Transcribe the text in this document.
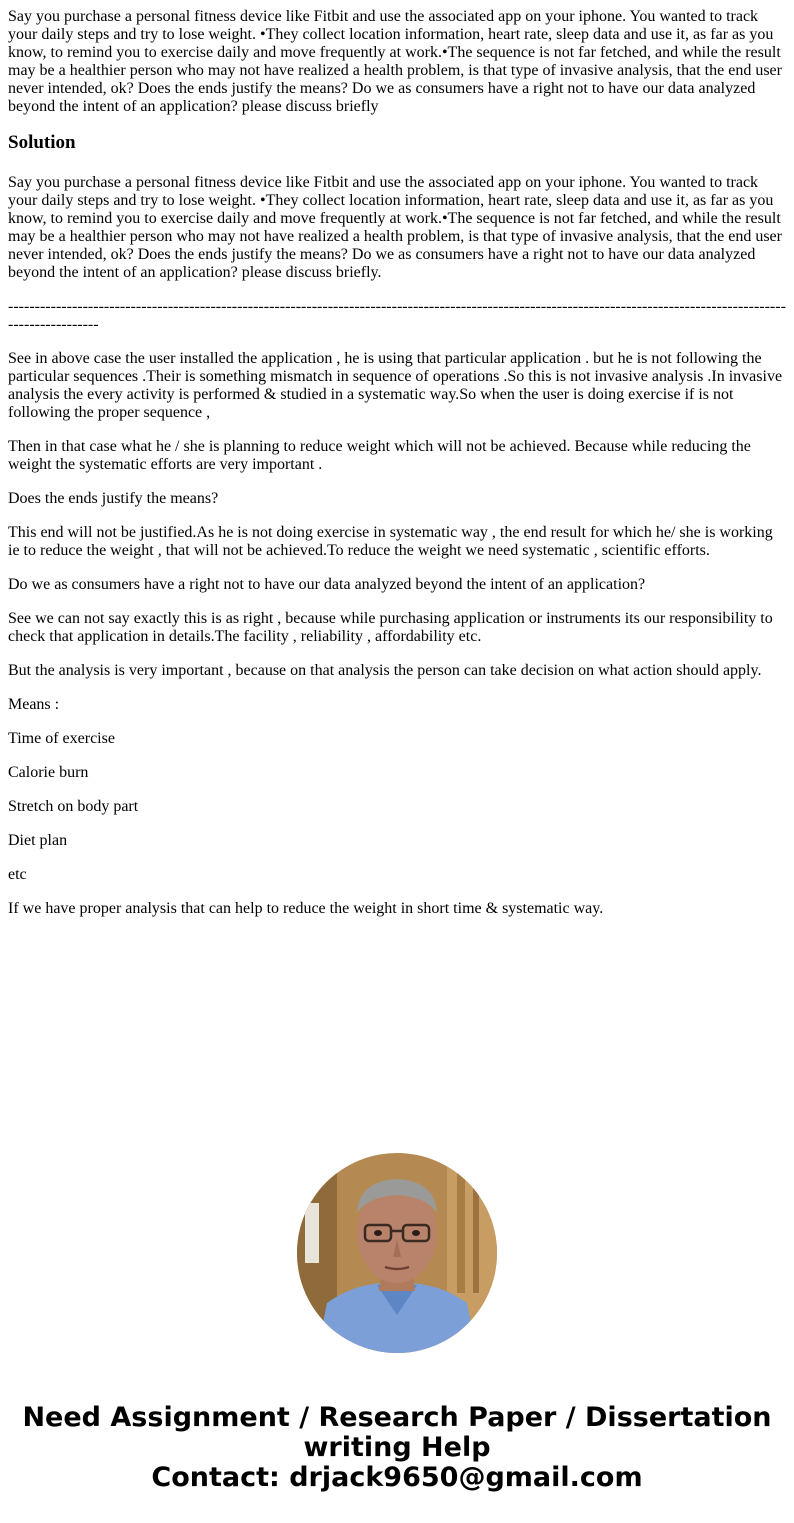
Say you purchase a personal fitness device like Fitbit and use the associated app on your iphone. You wanted to track your daily steps and try to lose weight. •They collect location information, heart rate, sleep data and use it, as far as you know, to remind you to exercise daily and move frequently at work.•The sequence is not far fetched, and while the result may be a healthier person who may not have realized a health problem, is that type of invasive analysis, that the end user never intended, ok? Does the ends justify the means? Do we as consumers have a right not to have our data analyzed beyond the intent of an application? please discuss briefly

Solution

Say you purchase a personal fitness device like Fitbit and use the associated app on your iphone. You wanted to track your daily steps and try to lose weight. •They collect location information, heart rate, sleep data and use it, as far as you know, to remind you to exercise daily and move frequently at work.•The sequence is not far fetched, and while the result may be a healthier person who may not have realized a health problem, is that type of invasive analysis, that the end user never intended, ok? Does the ends justify the means? Do we as consumers have a right not to have our data analyzed beyond the intent of an application? please discuss briefly.

-------------------------------------------------------------------------------------------------------------------------------------------------------------------

See in above case the user installed the application , he is using that particular application . but he is not following the particular sequences .Their is something mismatch in sequence of operations .So this is not invasive analysis .In invasive analysis the every activity is performed & studied in a systematic way.So when the user is doing exercise if is not following the proper sequence ,

Then in that case what he / she is planning to reduce weight which will not be achieved. Because while reducing the weight the systematic efforts are very important .

Does the ends justify the means?

This end will not be justified.As he is not doing exercise in systematic way , the end result for which he/ she is working ie to reduce the weight , that will not be achieved.To reduce the weight we need systematic , scientific efforts.

Do we as consumers have a right not to have our data analyzed beyond the intent of an application?

See we can not say exactly this is as right , because while purchasing application or instruments its our responsibility to check that application in details.The facility , reliability , affordability etc.

But the analysis is very important , because on that analysis the person can take decision on what action should apply.

Means :

Time of exercise

Calorie burn

Stretch on body part

Diet plan

etc

If we have proper analysis that can help to reduce the weight in short time & systematic way.

Need Assignment / Research Paper / Dissertation
writing Help
Contact: drjack9650@gmail.com
